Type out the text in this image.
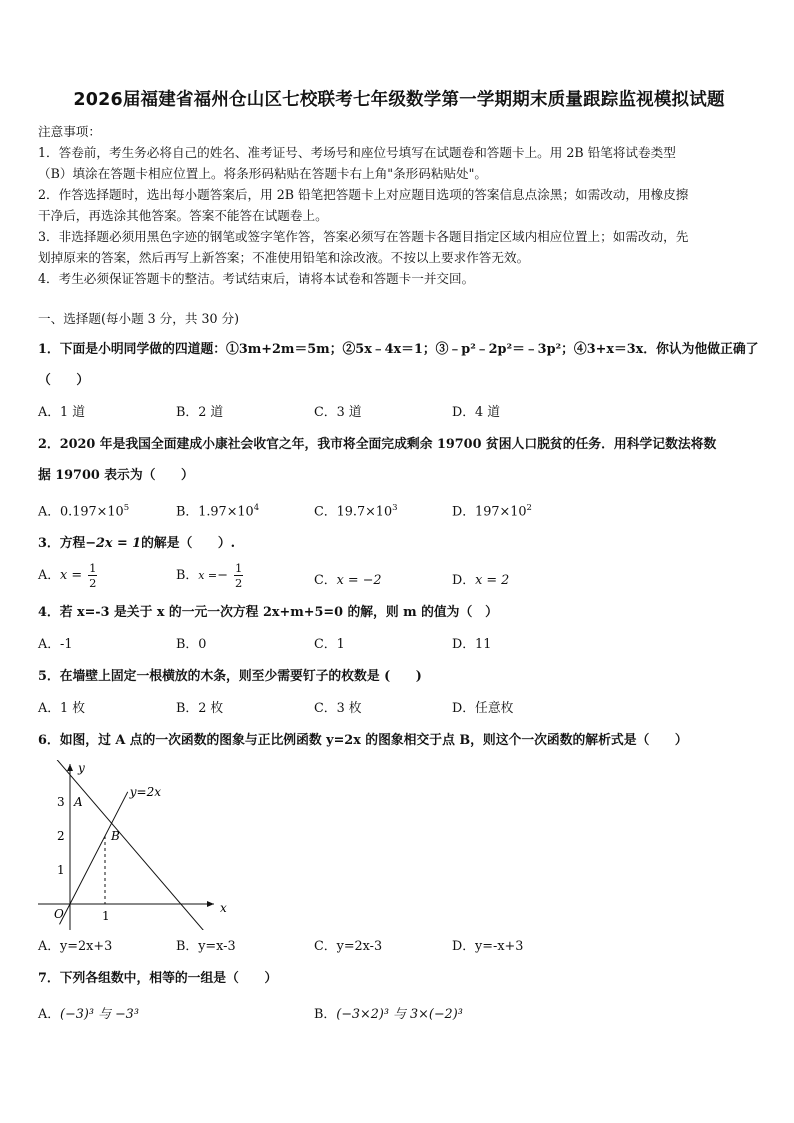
2026届福建省福州仓山区七校联考七年级数学第一学期期末质量跟踪监视模拟试题
注意事项：
1．答卷前，考生务必将自己的姓名、准考证号、考场号和座位号填写在试题卷和答题卡上。用 2B 铅笔将试卷类型
（B）填涂在答题卡相应位置上。将条形码粘贴在答题卡右上角"条形码粘贴处"。
2．作答选择题时，选出每小题答案后，用 2B 铅笔把答题卡上对应题目选项的答案信息点涂黑；如需改动，用橡皮擦
干净后，再选涂其他答案。答案不能答在试题卷上。
3．非选择题必须用黑色字迹的钢笔或签字笔作答，答案必须写在答题卡各题目指定区域内相应位置上；如需改动，先
划掉原来的答案，然后再写上新答案；不准使用铅笔和涂改液。不按以上要求作答无效。
4．考生必须保证答题卡的整洁。考试结束后，请将本试卷和答题卡一并交回。
一、选择题(每小题 3 分，共 30 分)
1．下面是小明同学做的四道题：①3m+2m＝5m；②5x﹣4x＝1；③﹣p²﹣2p²＝﹣3p²；④3+x＝3x．你认为他做正确了
（　　）
A．1 道	B．2 道	C．3 道	D．4 道
2．2020 年是我国全面建成小康社会收官之年，我市将全面完成剩余 19700 贫困人口脱贫的任务．用科学记数法将数
据 19700 表示为（　　）
A．$0.197\times 10^5$	B．$1.97\times 10^4$	C．$19.7\times 10^3$	D．$197\times 10^2$
3．方程−2x = 1的解是（　　）.
A．$x = \frac{1}{2}$	B．$x =- \frac{1}{2}$	C．x = −2	D．x = 2
4．若 x=-3 是关于 x 的一元一次方程 2x+m+5=0 的解，则 m 的值为（　）
A．-1	B．0	C．1	D．11
5．在墙壁上固定一根横放的木条，则至少需要钉子的枚数是 (　　)
A．1 枚	B．2 枚	C．3 枚	D．任意枚
6．如图，过 A 点的一次函数的图象与正比例函数 y=2x 的图象相交于点 B，则这个一次函数的解析式是（　　）
y
x
O
A
B
y=2x
1
2
3
1
A．y=2x+3	B．y=x-3	C．y=2x-3	D．y=-x+3
7．下列各组数中，相等的一组是（　　）
A．(−3)³ 与 −3³	B．(−3×2)³ 与 3×(−2)³
